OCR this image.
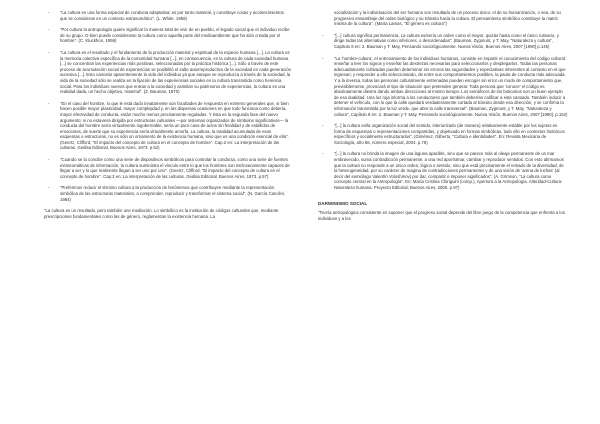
- "La cultura es una forma especial de conducta adaptativa; es por tanto material, y constituye cosas y acontecimientos que se consideran en un contexto extrasomático". (L. White, 1959)
- "Por cultura la antropología quiere significar la manera total de vivir de un pueblo, el legado social que el individuo recibe de su grupo. O bien puede considerarse la cultura como aquella parte del medioambiente que ha sido creada por el hombre". (C. Kluckhon, 1959)
- "La cultura es el resultado y el fundamento de la producción material y espiritual de la especie humana [...]. La cultura es la memoria colectiva específica de la comunidad humana [...]; en consecuencia, en la cultura de cada sociedad humana [...] se concentran las experiencias más positivas, seleccionadas por la práctica histórica [...]. Sólo a través de este proceso de acumulación social de experiencias se posibilitó el salto autorreproductivo de la sociedad en cada generación sucesiva [...]. Esto cancelar aparentemente la vida del individuo ya que aunque se reproduzca a través de la sociedad, la vida de la sociedad sólo se realiza en la fijación de las experiencias sociales en la cultura transmitida como herencia social. Para los individuos nuevos que entran a la sociedad y asimilan su patrimonio de experiencias, la cultura es una realidad dada, un hecho objetivo, material". (Z. Bauman, 1970)
- "En el caso del hombre, lo que le está dado innatamente son facultades de respuesta en extremo generales que, si bien hacen posible mayor plasticidad, mayor complejidad y, en las dispersas ocasiones en que todo funciona como debería, mayor efectividad de conducta, están mucho menos precisamente reguladas. Y ésta es la segunda fase del nuevo argumento: si no estuviera dirigida por estructuras culturales —por sistemas organizados de símbolos significativos— la conducta del hombre sería virtualmente ingobernable, sería un puro caos de actos sin finalidad y de estallidos de emociones, de suerte que su experiencia sería virtualmente amorfa. La cultura, la totalidad acumulada de esos esquemas o estructuras, no es sólo un ornamento de la existencia humana, sino que es una condición esencial de ella". (Geertz, Clifford, "El impacto del concepto de cultura en el concepto de hombre". Cap.2 en: La interpretación de las culturas. Gedisa Editorial, Buenos Aires, 1973. p.52)
- "Cuando se la concibe como una serie de dispositivos simbólicos para controlar la conducta, como una serie de fuentes extrasomáticas de información, la cultura suministra el vínculo entre lo que los hombres son intrínsecamente capaces de llegar a ser y lo que realmente llegan a ser uno por uno". (Geertz, Clifford, "El impacto del concepto de cultura en el concepto de hombre". Cap.2 en: La interpretación de las culturas. Gedisa Editorial, Buenos Aires, 1973. p.57)
- "Preferimos reducir el término cultura a la producción de fenómenos que contribuyen mediante la representación simbólica de las estructuras materiales, a comprender, reproducir y transformar el sistema social". (N. García Canclini, 1984)

"La cultura es un resultado, pero también une mediación. Lo simbólico es la institución de códigos culturales que, mediante prescripciones fundamentales como las de género, reglamentan la existencia humana. La

socialización y la individuación del ser humano son resultado de un proceso único: el de su humanización, o sea, de su progresivo ensamblaje del orden biológico y su tránsito hacia la cultura. El pensamiento simbólico constituye la matriz misma de la cultura". (Marta Lamas, "El género es cultura")
- "[...] cultura significa permanencia. La cultura es/sería un orden como el mayor, quizás hasta como el único rutinario, y dirige todas las alternativas como inferiores, o desordenadas". (Bauman, Zygmunt, y T. May, "Naturaleza y cultura", Capítulo 8 en: 2. Bauman y T. May, Pensando sociológicamente. Nueva Visión, Buenos Aires, 2007 [1990] p.145)
- "La 'hombre-cultura', el entrenamiento de los individuos humanos, consiste en impartir el conocimiento del código cultural: enseñar a leer los signos y enseñar las destrezas necesarias para seleccionarlos y desplegarlos. Todas las personas adecuadamente cultivadas pueden determinar sin errores las seguridades y expectativas inherentes al contexto en el que ingresan; y responder a ello seleccionando, de entre sus comportamientos posibles, la pauta de conducta más adecuada. Y a la inversa, todas las personas culturalmente entrenadas pueden escoger sin error un modo de comportamiento que, previsiblemente, provocará el tipo de situación que pretenden generar. Toda persona que 'conoce' el código es absolutamente diestra dando ambas direcciones al mismo tiempo. Los semáforos de los boticarios son un buen ejemplo de esa dualidad. Una luz roja informa a los conductores que también deberían calificar a este cansado. También inducir a detener el vehículo, con lo que la calle quedará verdaderamente cortada al tránsito desde esa dirección, y se confirma la información transmitida por la luz verde, que abre la calle transversal". (Bauman, Zygmunt, y T. May, "Naturaleza y cultura", Capítulo 8 en: 2. Bauman y T. May, Pensando sociológicamente. Nueva Visión, Buenos Aires, 2007 [1990]. p.152)
- "[...] la cultura es/la organización social del sentido, interiorizado (de manera) relativamente estable por los sujetos en forma de esquemas o representaciones compartidas, y objetivado en formas simbólicas, todo ello en contextos históricos específicos y socialmente estructurados". (Giménez, Gilberto, "Cultura e identidades". En: Revista Mexicana de Sociología, año 66, número especial, 2004. p.78)
- "[...] la cultura no brinda la imagen de una laguna apacible, sino que se parece más al oleaje permanente de un mar embravecido, suma contradicción permanente, a una red aporístmar, cambiar y reproducir sentidos. Con esto afirmamos que la cultura no responde a un único orden, lógica o sentido, sino que está precisamente el reinado de la diversidad, de la heterogeneidad, por su carácter de magma de contradicciones permanentes y de una visión de 'arena de luchas' (al decir del semiólogo Valentín Voloshinov) por dar, compartir e imponer significados". (A. Grimson, "La cultura como concepto central en la Antropología". En: María Cristina Chiriguini (comp.), Apertura a la Antropología. Alteridad-Cultura-Naturaleza humana. Proyecto Editorial, Buenos Aires, 2006. p.97)
DARWINISMO SOCIAL

"Teoría antropológica consistente en suponer que el progreso social depende del libre juego de la competencia que enfrenta a los individuos y a los
